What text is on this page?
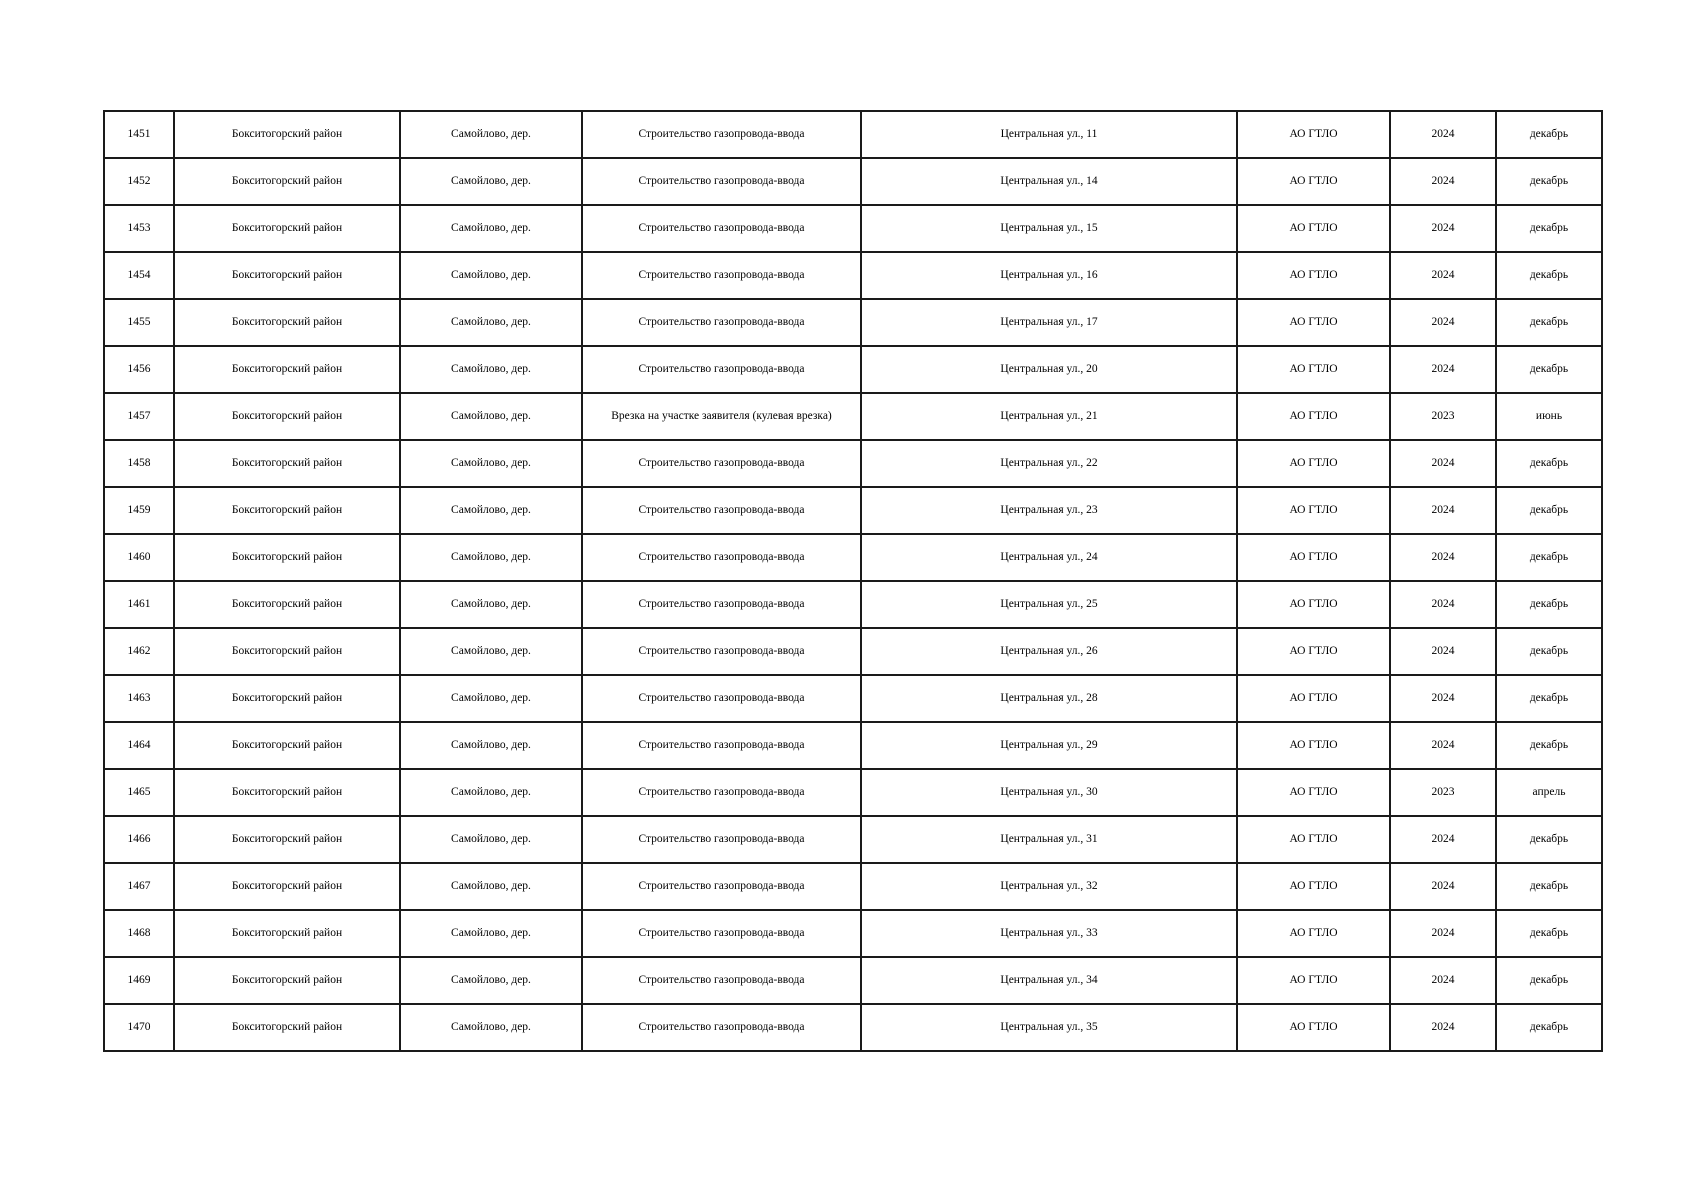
1451	Бокситогорский район	Самойлово, дер.	Строительство газопровода-ввода	Центральная ул., 11	АО ГТЛО	2024	декабрь
1452	Бокситогорский район	Самойлово, дер.	Строительство газопровода-ввода	Центральная ул., 14	АО ГТЛО	2024	декабрь
1453	Бокситогорский район	Самойлово, дер.	Строительство газопровода-ввода	Центральная ул., 15	АО ГТЛО	2024	декабрь
1454	Бокситогорский район	Самойлово, дер.	Строительство газопровода-ввода	Центральная ул., 16	АО ГТЛО	2024	декабрь
1455	Бокситогорский район	Самойлово, дер.	Строительство газопровода-ввода	Центральная ул., 17	АО ГТЛО	2024	декабрь
1456	Бокситогорский район	Самойлово, дер.	Строительство газопровода-ввода	Центральная ул., 20	АО ГТЛО	2024	декабрь
1457	Бокситогорский район	Самойлово, дер.	Врезка на участке заявителя (кулевая врезка)	Центральная ул., 21	АО ГТЛО	2023	июнь
1458	Бокситогорский район	Самойлово, дер.	Строительство газопровода-ввода	Центральная ул., 22	АО ГТЛО	2024	декабрь
1459	Бокситогорский район	Самойлово, дер.	Строительство газопровода-ввода	Центральная ул., 23	АО ГТЛО	2024	декабрь
1460	Бокситогорский район	Самойлово, дер.	Строительство газопровода-ввода	Центральная ул., 24	АО ГТЛО	2024	декабрь
1461	Бокситогорский район	Самойлово, дер.	Строительство газопровода-ввода	Центральная ул., 25	АО ГТЛО	2024	декабрь
1462	Бокситогорский район	Самойлово, дер.	Строительство газопровода-ввода	Центральная ул., 26	АО ГТЛО	2024	декабрь
1463	Бокситогорский район	Самойлово, дер.	Строительство газопровода-ввода	Центральная ул., 28	АО ГТЛО	2024	декабрь
1464	Бокситогорский район	Самойлово, дер.	Строительство газопровода-ввода	Центральная ул., 29	АО ГТЛО	2024	декабрь
1465	Бокситогорский район	Самойлово, дер.	Строительство газопровода-ввода	Центральная ул., 30	АО ГТЛО	2023	апрель
1466	Бокситогорский район	Самойлово, дер.	Строительство газопровода-ввода	Центральная ул., 31	АО ГТЛО	2024	декабрь
1467	Бокситогорский район	Самойлово, дер.	Строительство газопровода-ввода	Центральная ул., 32	АО ГТЛО	2024	декабрь
1468	Бокситогорский район	Самойлово, дер.	Строительство газопровода-ввода	Центральная ул., 33	АО ГТЛО	2024	декабрь
1469	Бокситогорский район	Самойлово, дер.	Строительство газопровода-ввода	Центральная ул., 34	АО ГТЛО	2024	декабрь
1470	Бокситогорский район	Самойлово, дер.	Строительство газопровода-ввода	Центральная ул., 35	АО ГТЛО	2024	декабрь
